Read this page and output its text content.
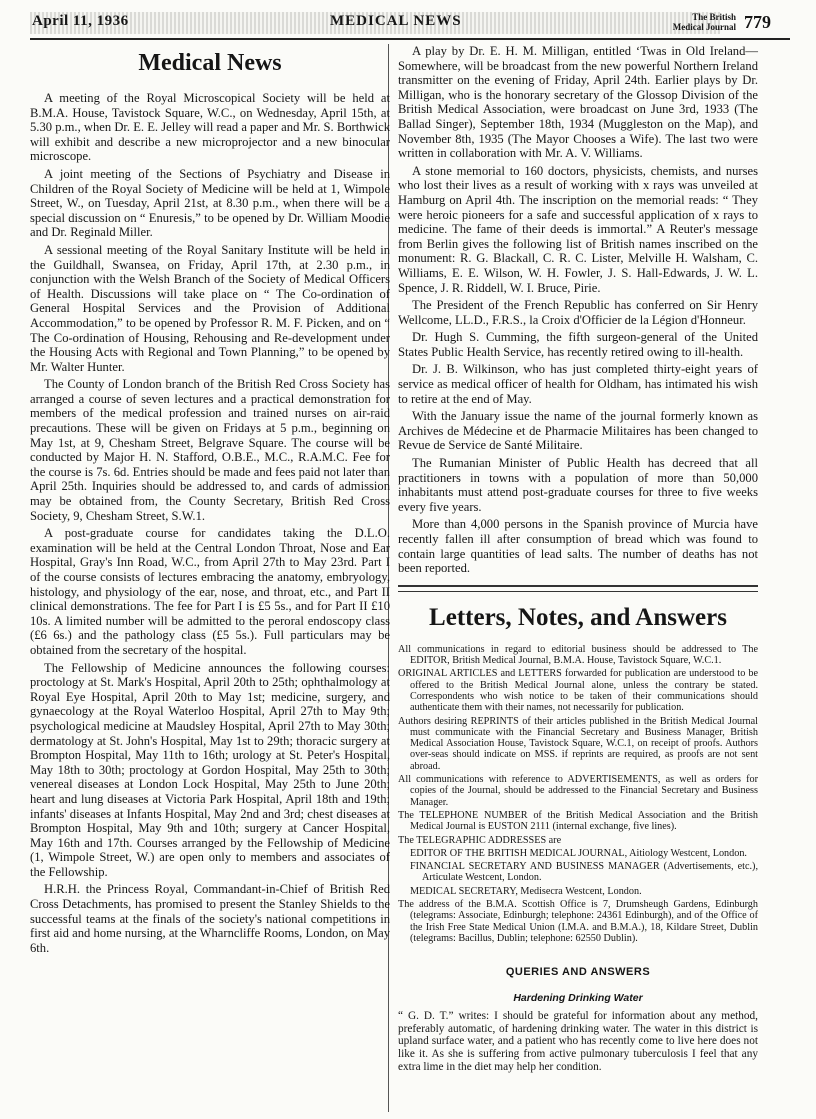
April 11, 1936	MEDICAL NEWS	The British
Medical Journal 779
Medical News

A meeting of the Royal Microscopical Society will be held at B.M.A. House, Tavistock Square, W.C., on Wednesday, April 15th, at 5.30 p.m., when Dr. E. E. Jelley will read a paper and Mr. S. Borthwick will exhibit and describe a new microprojector and a new binocular microscope.

A joint meeting of the Sections of Psychiatry and Disease in Children of the Royal Society of Medicine will be held at 1, Wimpole Street, W., on Tuesday, April 21st, at 8.30 p.m., when there will be a special discussion on “ Enuresis,” to be opened by Dr. William Moodie and Dr. Reginald Miller.

A sessional meeting of the Royal Sanitary Institute will be held in the Guildhall, Swansea, on Friday, April 17th, at 2.30 p.m., in conjunction with the Welsh Branch of the Society of Medical Officers of Health. Discussions will take place on “ The Co-ordination of General Hospital Services and the Provision of Additional Accommodation,” to be opened by Professor R. M. F. Picken, and on “ The Co-ordination of Housing, Rehousing and Re-development under the Housing Acts with Regional and Town Planning,” to be opened by Mr. Walter Hunter.

The County of London branch of the British Red Cross Society has arranged a course of seven lectures and a practical demonstration for members of the medical profession and trained nurses on air-raid precautions. These will be given on Fridays at 5 p.m., beginning on May 1st, at 9, Chesham Street, Belgrave Square. The course will be conducted by Major H. N. Stafford, O.B.E., M.C., R.A.M.C. Fee for the course is 7s. 6d. Entries should be made and fees paid not later than April 25th. Inquiries should be addressed to, and cards of admission may be obtained from, the County Secretary, British Red Cross Society, 9, Chesham Street, S.W.1.

A post-graduate course for candidates taking the D.L.O. examination will be held at the Central London Throat, Nose and Ear Hospital, Gray's Inn Road, W.C., from April 27th to May 23rd. Part I of the course consists of lectures embracing the anatomy, embryology, histology, and physiology of the ear, nose, and throat, etc., and Part II clinical demonstrations. The fee for Part I is £5 5s., and for Part II £10 10s. A limited number will be admitted to the peroral endoscopy class (£6 6s.) and the pathology class (£5 5s.). Full particulars may be obtained from the secretary of the hospital.

The Fellowship of Medicine announces the following courses: proctology at St. Mark's Hospital, April 20th to 25th; ophthalmology at Royal Eye Hospital, April 20th to May 1st; medicine, surgery, and gynaecology at the Royal Waterloo Hospital, April 27th to May 9th; psychological medicine at Maudsley Hospital, April 27th to May 30th; dermatology at St. John's Hospital, May 1st to 29th; thoracic surgery at Brompton Hospital, May 11th to 16th; urology at St. Peter's Hospital, May 18th to 30th; proctology at Gordon Hospital, May 25th to 30th; venereal diseases at London Lock Hospital, May 25th to June 20th; heart and lung diseases at Victoria Park Hospital, April 18th and 19th; infants' diseases at Infants Hospital, May 2nd and 3rd; chest diseases at Brompton Hospital, May 9th and 10th; surgery at Cancer Hospital, May 16th and 17th. Courses arranged by the Fellowship of Medicine (1, Wimpole Street, W.) are open only to members and associates of the Fellowship.

H.R.H. the Princess Royal, Commandant-in-Chief of British Red Cross Detachments, has promised to present the Stanley Shields to the successful teams at the finals of the society's national competitions in first aid and home nursing, at the Wharncliffe Rooms, London, on May 6th.

A play by Dr. E. H. M. Milligan, entitled ‘Twas in Old Ireland—Somewhere, will be broadcast from the new powerful Northern Ireland transmitter on the evening of Friday, April 24th. Earlier plays by Dr. Milligan, who is the honorary secretary of the Glossop Division of the British Medical Association, were broadcast on June 3rd, 1933 (The Ballad Singer), September 18th, 1934 (Muggleston on the Map), and November 8th, 1935 (The Mayor Chooses a Wife). The last two were written in collaboration with Mr. A. V. Williams.

A stone memorial to 160 doctors, physicists, chemists, and nurses who lost their lives as a result of working with x rays was unveiled at Hamburg on April 4th. The inscription on the memorial reads: “ They were heroic pioneers for a safe and successful application of x rays to medicine. The fame of their deeds is immortal.” A Reuter's message from Berlin gives the following list of British names inscribed on the monument: R. G. Blackall, C. R. C. Lister, Melville H. Walsham, C. Williams, E. E. Wilson, W. H. Fowler, J. S. Hall-Edwards, J. W. L. Spence, J. R. Riddell, W. I. Bruce, Pirie.

The President of the French Republic has conferred on Sir Henry Wellcome, LL.D., F.R.S., la Croix d'Officier de la Légion d'Honneur.

Dr. Hugh S. Cumming, the fifth surgeon-general of the United States Public Health Service, has recently retired owing to ill-health.

Dr. J. B. Wilkinson, who has just completed thirty-eight years of service as medical officer of health for Oldham, has intimated his wish to retire at the end of May.

With the January issue the name of the journal formerly known as Archives de Médecine et de Pharmacie Militaires has been changed to Revue de Service de Santé Militaire.

The Rumanian Minister of Public Health has decreed that all practitioners in towns with a population of more than 50,000 inhabitants must attend post-graduate courses for three to five weeks every five years.

More than 4,000 persons in the Spanish province of Murcia have recently fallen ill after consumption of bread which was found to contain large quantities of lead salts. The number of deaths has not been reported.

Letters, Notes, and Answers

All communications in regard to editorial business should be addressed to The EDITOR, British Medical Journal, B.M.A. House, Tavistock Square, W.C.1.

ORIGINAL ARTICLES and LETTERS forwarded for publication are understood to be offered to the British Medical Journal alone, unless the contrary be stated. Correspondents who wish notice to be taken of their communications should authenticate them with their names, not necessarily for publication.

Authors desiring REPRINTS of their articles published in the British Medical Journal must communicate with the Financial Secretary and Business Manager, British Medical Association House, Tavistock Square, W.C.1, on receipt of proofs. Authors over-seas should indicate on MSS. if reprints are required, as proofs are not sent abroad.

All communications with reference to ADVERTISEMENTS, as well as orders for copies of the Journal, should be addressed to the Financial Secretary and Business Manager.

The TELEPHONE NUMBER of the British Medical Association and the British Medical Journal is EUSTON 2111 (internal exchange, five lines).

The TELEGRAPHIC ADDRESSES are

EDITOR OF THE BRITISH MEDICAL JOURNAL, Aitiology Westcent, London.

FINANCIAL SECRETARY AND BUSINESS MANAGER (Advertisements, etc.), Articulate Westcent, London.

MEDICAL SECRETARY, Medisecra Westcent, London.

The address of the B.M.A. Scottish Office is 7, Drumsheugh Gardens, Edinburgh (telegrams: Associate, Edinburgh; telephone: 24361 Edinburgh), and of the Office of the Irish Free State Medical Union (I.M.A. and B.M.A.), 18, Kildare Street, Dublin (telegrams: Bacillus, Dublin; telephone: 62550 Dublin).

QUERIES AND ANSWERS
Hardening Drinking Water

“ G. D. T.” writes: I should be grateful for information about any method, preferably automatic, of hardening drinking water. The water in this district is upland surface water, and a patient who has recently come to live here does not like it. As she is suffering from active pulmonary tuberculosis I feel that any extra lime in the diet may help her condition.
